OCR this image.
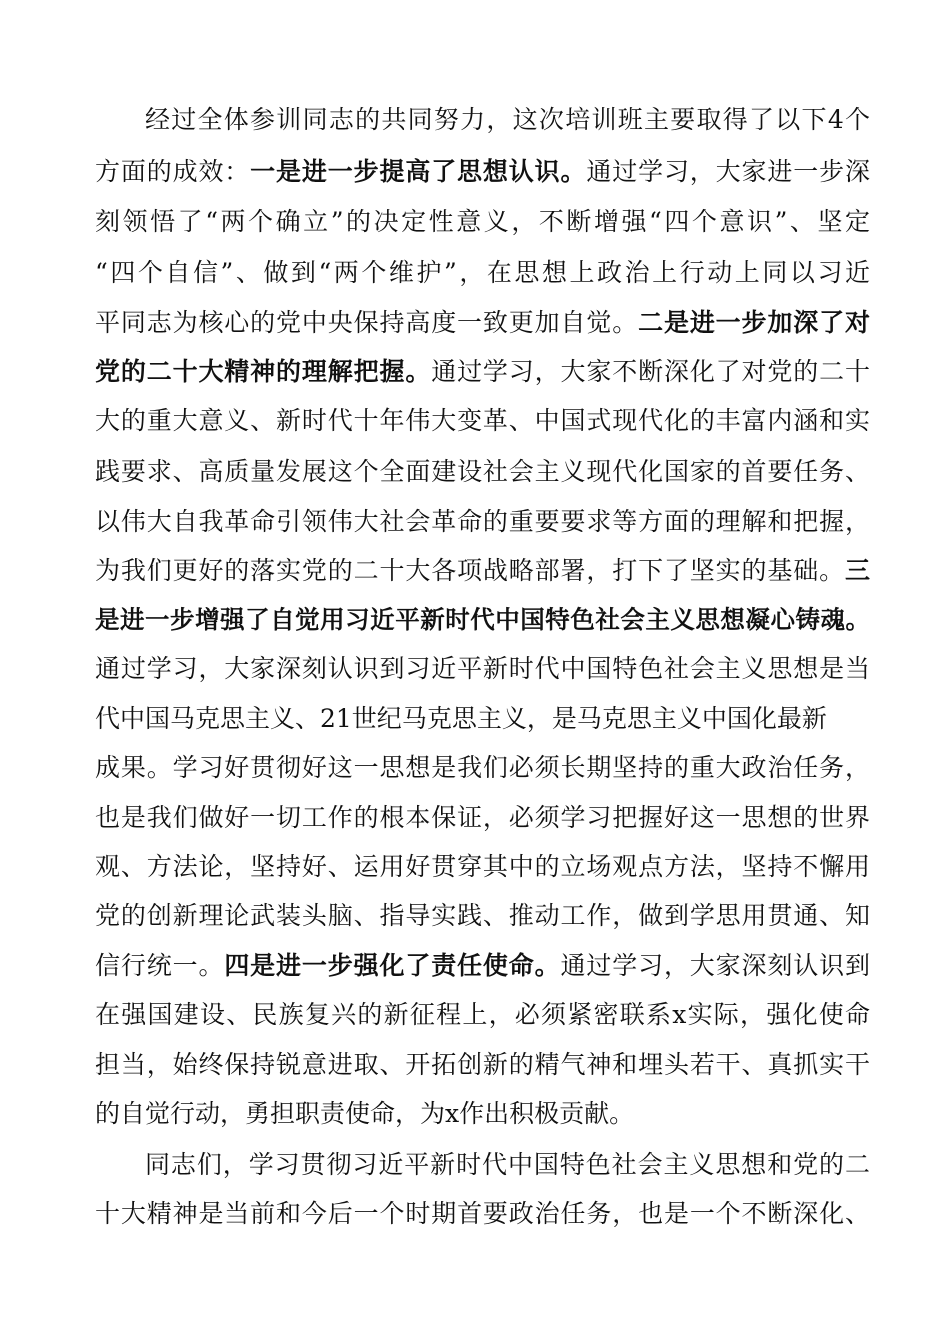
经过全体参训同志的共同努力，这次培训班主要取得了以下4个
方面的成效：一是进一步提高了思想认识。通过学习，大家进一步深
刻领悟了“两个确立”的决定性意义，不断增强“四个意识”、坚定
“四个自信”、做到“两个维护”，在思想上政治上行动上同以习近
平同志为核心的党中央保持高度一致更加自觉。二是进一步加深了对
党的二十大精神的理解把握。通过学习，大家不断深化了对党的二十
大的重大意义、新时代十年伟大变革、中国式现代化的丰富内涵和实
践要求、高质量发展这个全面建设社会主义现代化国家的首要任务、
以伟大自我革命引领伟大社会革命的重要要求等方面的理解和把握，
为我们更好的落实党的二十大各项战略部署，打下了坚实的基础。三
是进一步增强了自觉用习近平新时代中国特色社会主义思想凝心铸魂。
通过学习，大家深刻认识到习近平新时代中国特色社会主义思想是当
代中国马克思主义、21世纪马克思主义，是马克思主义中国化最新
成果。学习好贯彻好这一思想是我们必须长期坚持的重大政治任务，
也是我们做好一切工作的根本保证，必须学习把握好这一思想的世界
观、方法论，坚持好、运用好贯穿其中的立场观点方法，坚持不懈用
党的创新理论武装头脑、指导实践、推动工作，做到学思用贯通、知
信行统一。四是进一步强化了责任使命。通过学习，大家深刻认识到
在强国建设、民族复兴的新征程上，必须紧密联系x实际，强化使命
担当，始终保持锐意进取、开拓创新的精气神和埋头若干、真抓实干
的自觉行动，勇担职责使命，为x作出积极贡献。
同志们，学习贯彻习近平新时代中国特色社会主义思想和党的二
十大精神是当前和今后一个时期首要政治任务，也是一个不断深化、
